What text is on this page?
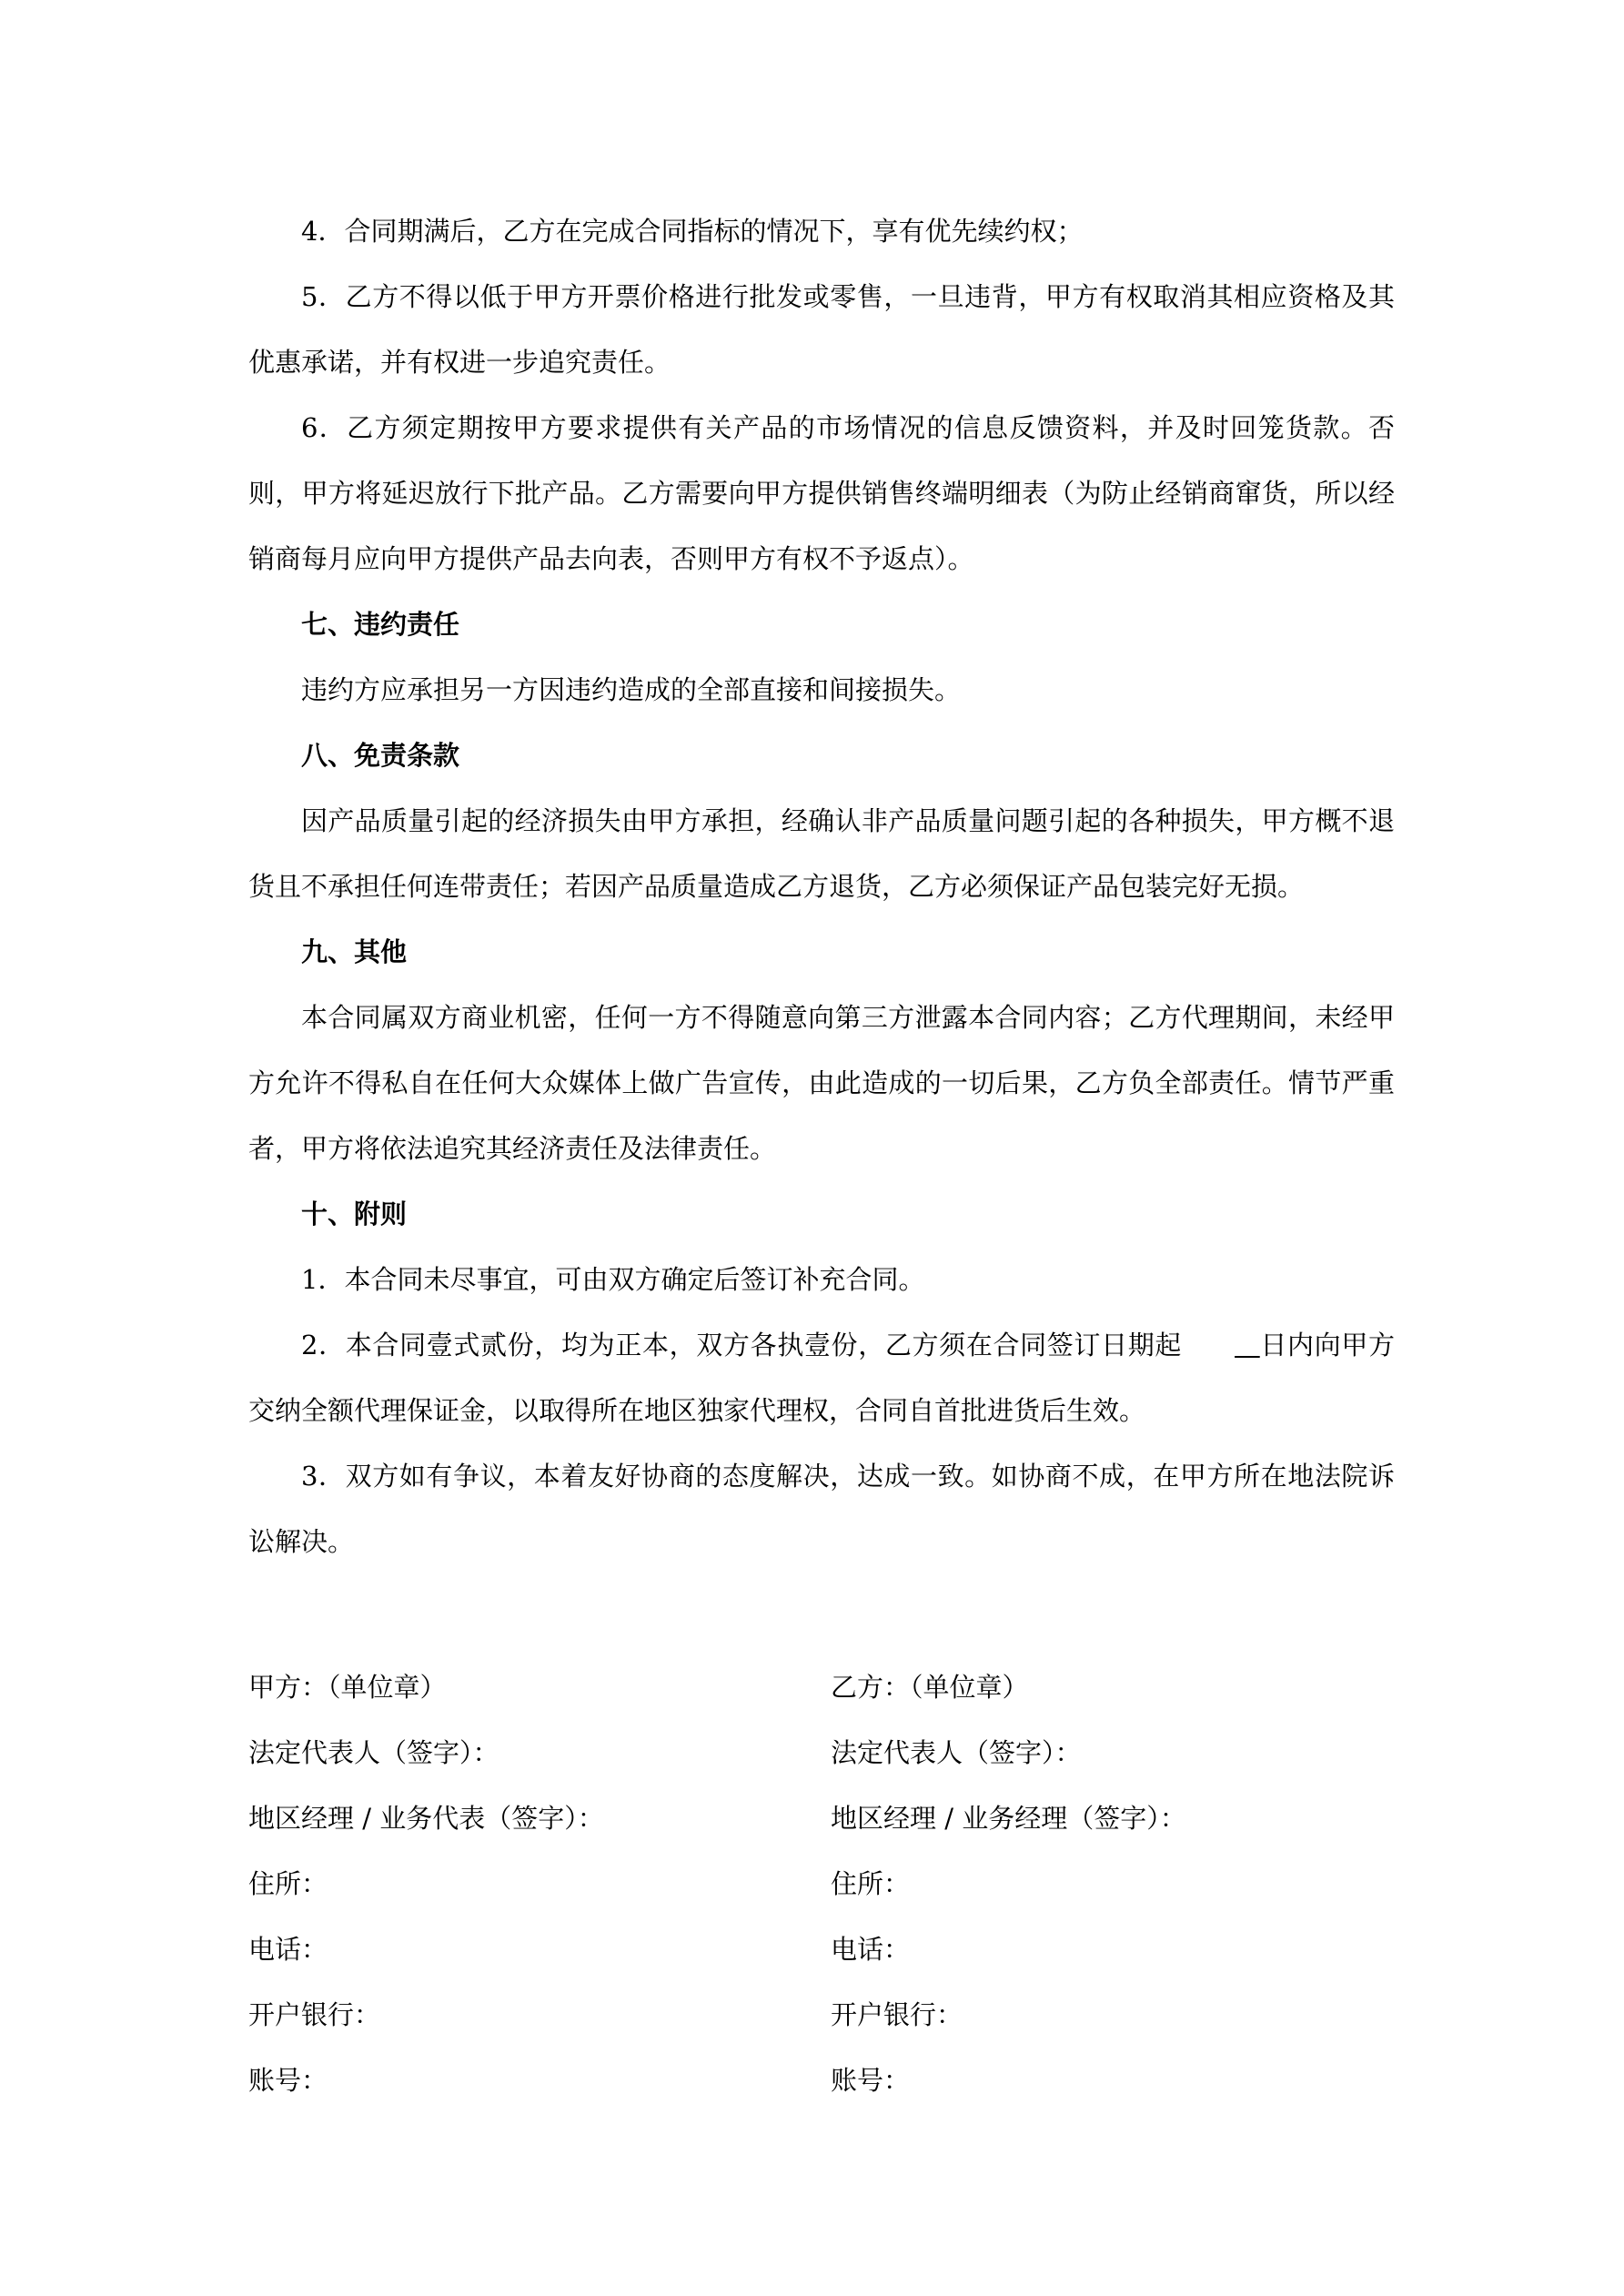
4．合同期满后，乙方在完成合同指标的情况下，享有优先续约权；

5．乙方不得以低于甲方开票价格进行批发或零售，一旦违背，甲方有权取消其相应资格及其优惠承诺，并有权进一步追究责任。

6．乙方须定期按甲方要求提供有关产品的市场情况的信息反馈资料，并及时回笼货款。否则，甲方将延迟放行下批产品。乙方需要向甲方提供销售终端明细表（为防止经销商窜货，所以经销商每月应向甲方提供产品去向表，否则甲方有权不予返点）。

七、违约责任

违约方应承担另一方因违约造成的全部直接和间接损失。

八、免责条款

因产品质量引起的经济损失由甲方承担，经确认非产品质量问题引起的各种损失，甲方概不退货且不承担任何连带责任；若因产品质量造成乙方退货，乙方必须保证产品包装完好无损。

九、其他

本合同属双方商业机密，任何一方不得随意向第三方泄露本合同内容；乙方代理期间，未经甲方允许不得私自在任何大众媒体上做广告宣传，由此造成的一切后果，乙方负全部责任。情节严重者，甲方将依法追究其经济责任及法律责任。

十、附则

1．本合同未尽事宜，可由双方确定后签订补充合同。

2．本合同壹式贰份，均为正本，双方各执壹份，乙方须在合同签订日期起	日内向甲方交纳全额代理保证金，以取得所在地区独家代理权，合同自首批进货后生效。

3．双方如有争议，本着友好协商的态度解决，达成一致。如协商不成，在甲方所在地法院诉讼解决。

甲方：（单位章）	乙方：（单位章）
法定代表人（签字）：	法定代表人（签字）：
地区经理 / 业务代表（签字）：	地区经理 / 业务经理（签字）：
住所：	住所：
电话：	电话：
开户银行：	开户银行：
账号：	账号：
